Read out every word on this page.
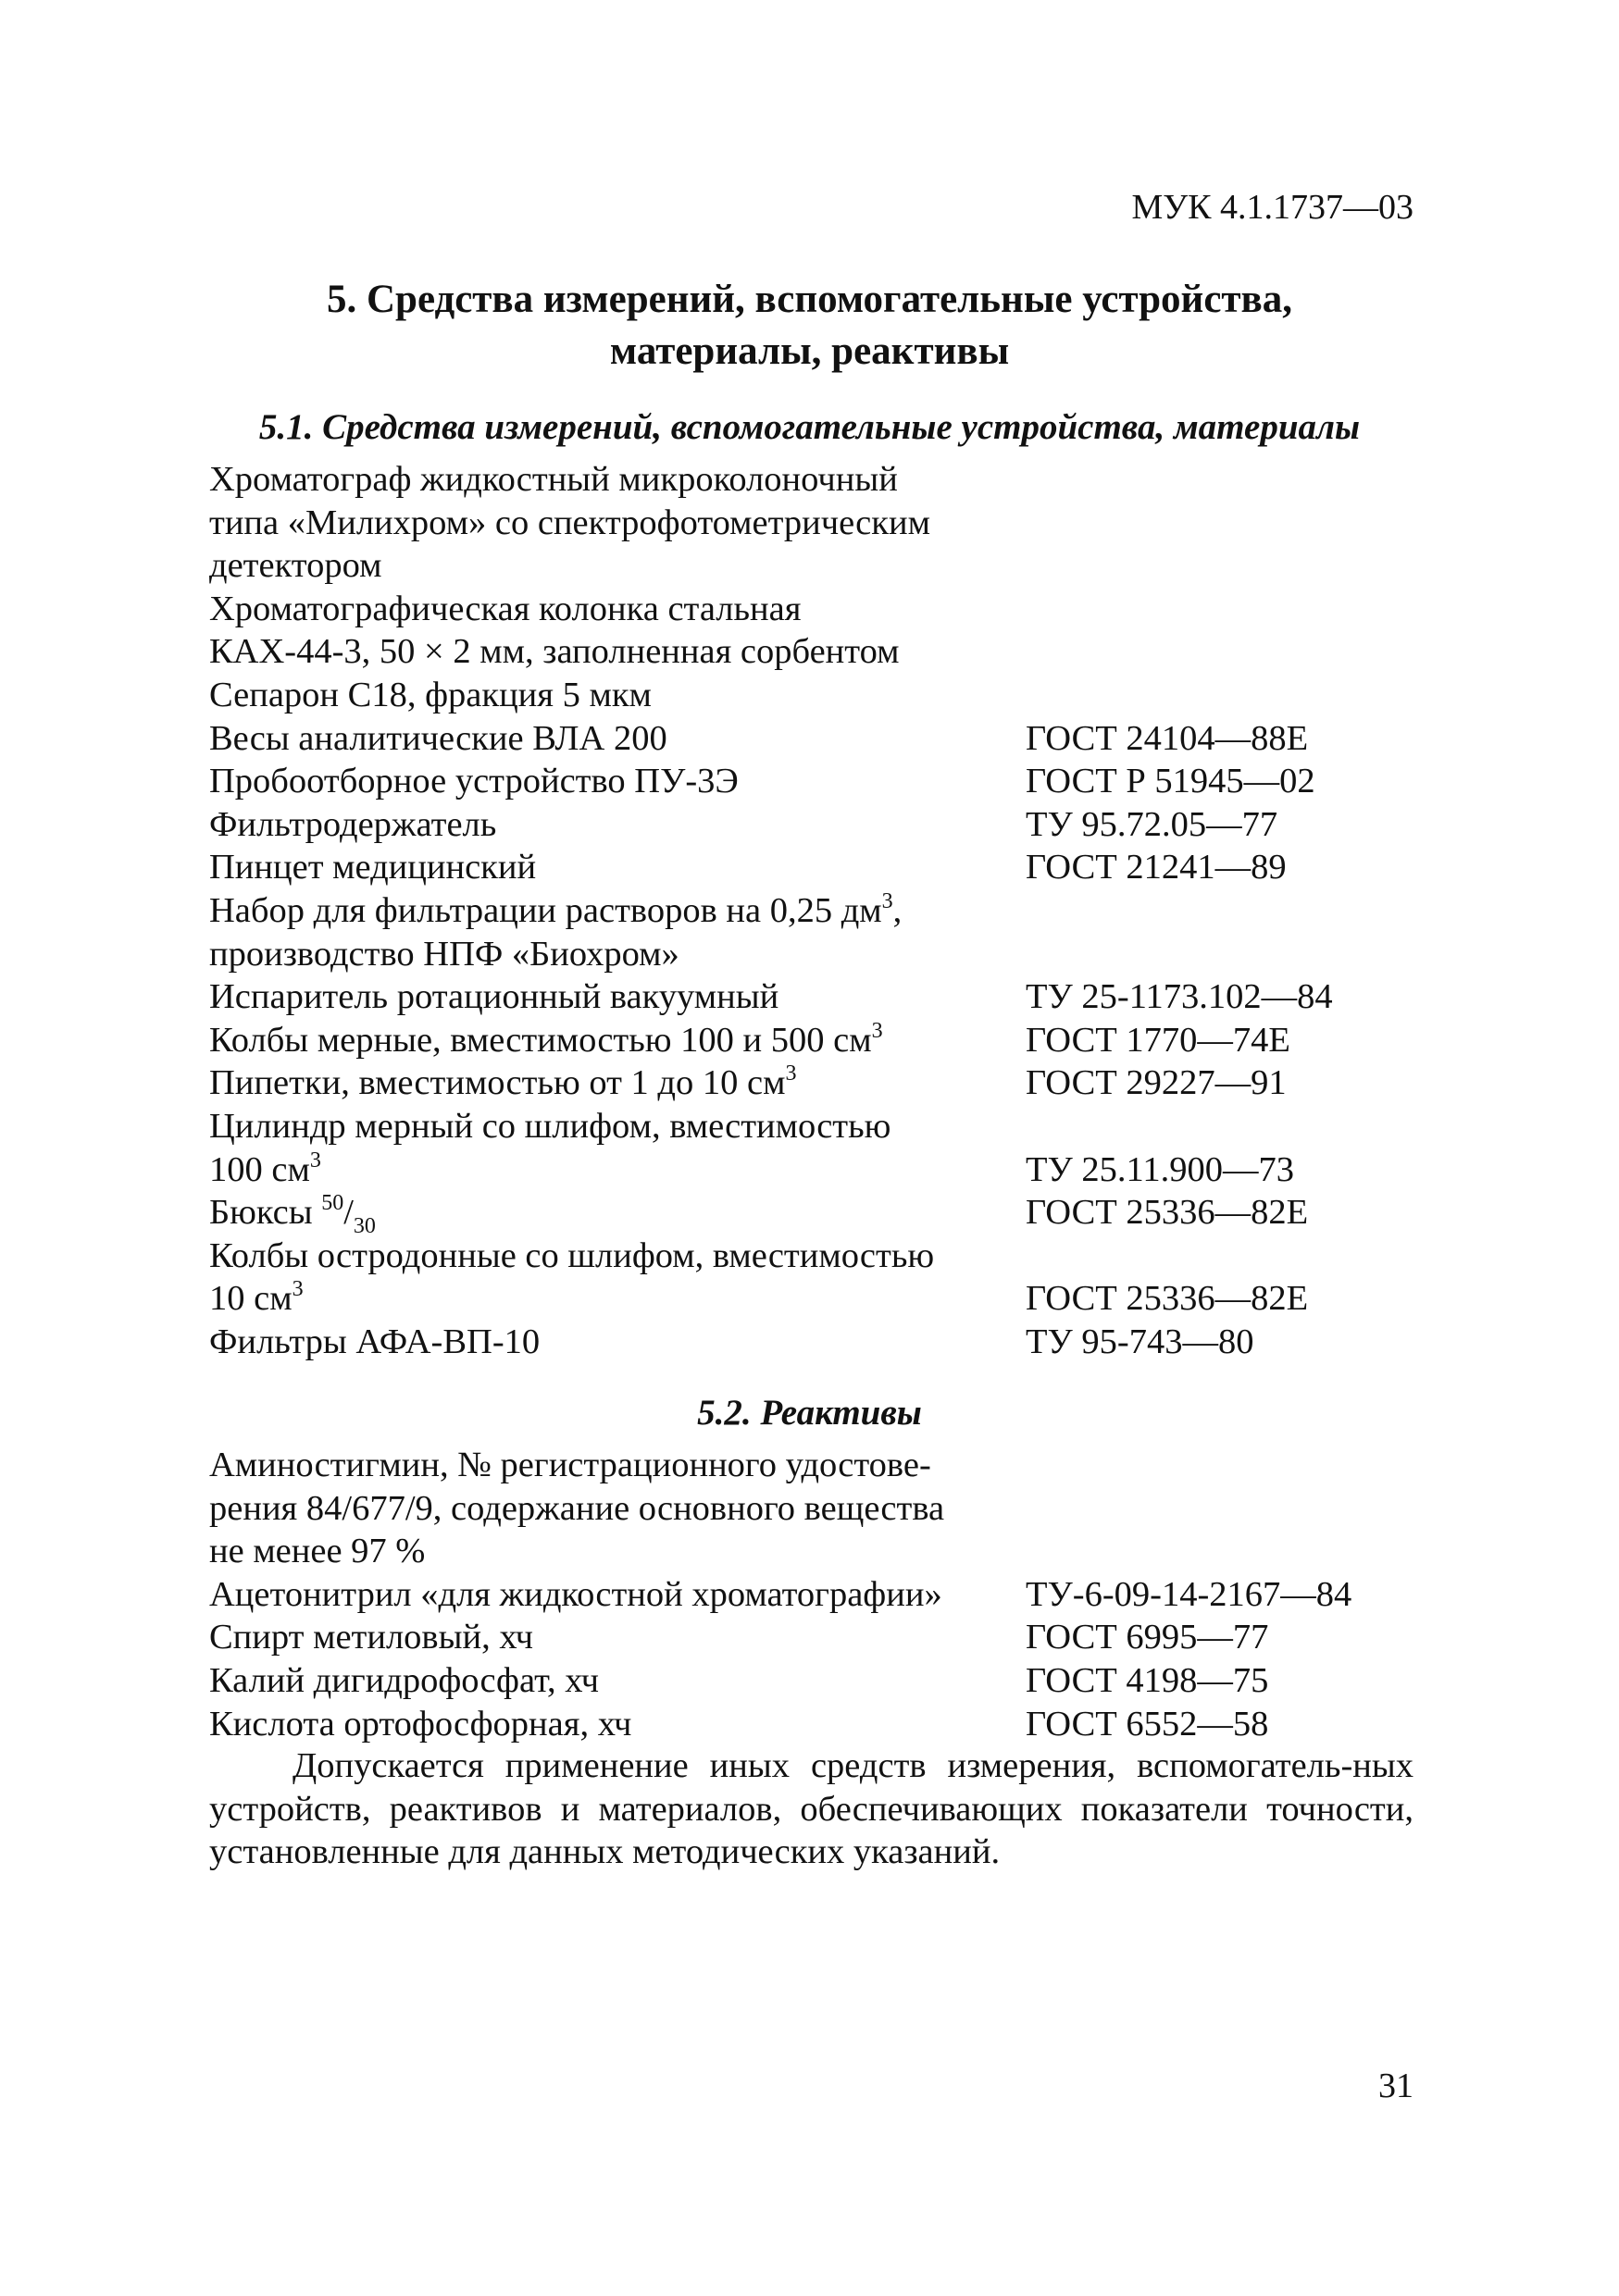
МУК 4.1.1737—03
5. Средства измерений, вспомогательные устройства,
материалы, реактивы
5.1. Средства измерений, вспомогательные устройства, материалы
Хроматограф жидкостный микроколоночный
типа «Милихром» со спектрофотометрическим
детектором
Хроматографическая колонка стальная
КАХ-44-3, 50 × 2 мм, заполненная сорбентом
Сепарон С18, фракция 5 мкм
Весы аналитические ВЛА 200	ГОСТ 24104—88Е
Пробоотборное устройство ПУ-3Э	ГОСТ Р 51945—02
Фильтродержатель	ТУ 95.72.05—77
Пинцет медицинский	ГОСТ 21241—89
Набор для фильтрации растворов на 0,25 $дм^3$,
производство НПФ «Биохром»
Испаритель ротационный вакуумный	ТУ 25-1173.102—84
Колбы мерные, вместимостью 100 и 500 $см^3$	ГОСТ 1770—74Е
Пипетки, вместимостью от 1 до 10 $см^3$	ГОСТ 29227—91
Цилиндр мерный со шлифом, вместимостью
100 $см^3$	ТУ 25.11.900—73
Бюксы $^{50}/_{30}$	ГОСТ 25336—82Е
Колбы остродонные со шлифом, вместимостью
10 $см^3$	ГОСТ 25336—82Е
Фильтры АФА-ВП-10	ТУ 95-743—80
5.2. Реактивы
Аминостигмин, № регистрационного удостове-
рения 84/677/9, содержание основного вещества
не менее 97 %
Ацетонитрил «для жидкостной хроматографии»	ТУ-6-09-14-2167—84
Спирт метиловый, хч	ГОСТ 6995—77
Калий дигидрофосфат, хч	ГОСТ 4198—75
Кислота ортофосфорная, хч	ГОСТ 6552—58
Допускается применение иных средств измерения, вспомогатель-ных устройств, реактивов и материалов, обеспечивающих показатели точности, установленные для данных методических указаний.
31
